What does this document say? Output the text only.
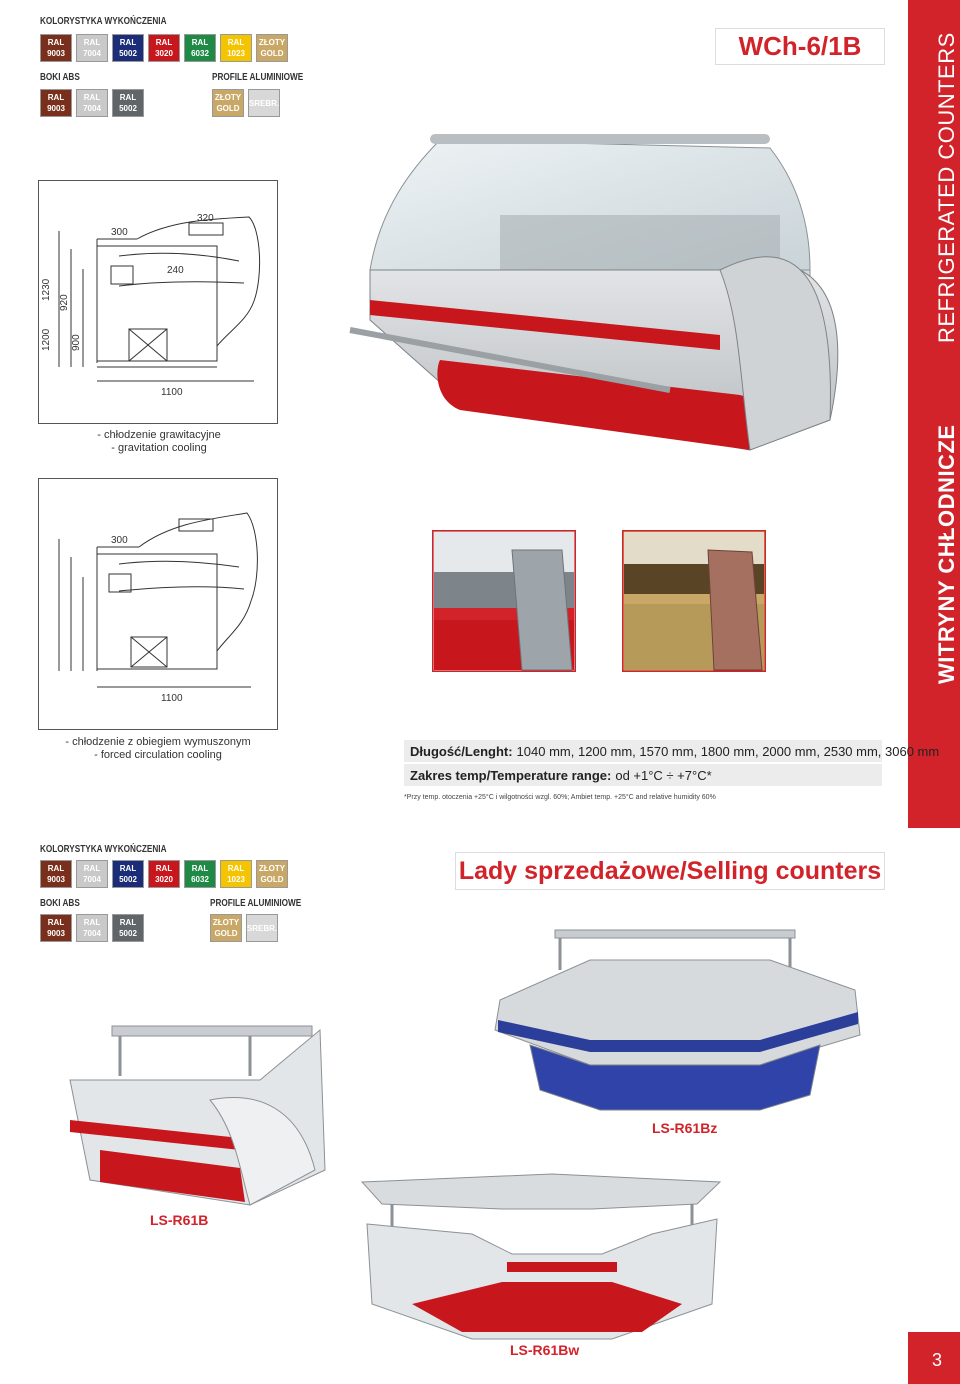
KOLORYSTYKA WYKOŃCZENIA
RAL
9003
RAL
7004
RAL
5002
RAL
3020
RAL
6032
RAL
1023
ZŁOTY
GOLD
BOKI ABS	PROFILE ALUMINIOWE
RAL
9003
RAL
7004
RAL
5002
ZŁOTY
GOLD
SREBR.
WCh-6/1B
WITRYNY CHŁODNICZE
REFRIGERATED COUNTERS
300
320
240
1230
920
1200 900
1100
- chłodzenie grawitacyjne
- gravitation cooling
300
1100
- chłodzenie z obiegiem wymuszonym
- forced circulation cooling	Długość/Lenght: 1040 mm, 1200 mm, 1570 mm, 1800 mm, 2000 mm, 2530 mm, 3060 mm
Zakres temp/Temperature range: od +1°C ÷ +7°C*
*Przy temp. otoczenia +25°C i wilgotności wzgl. 60%; Ambiet temp. +25°C and relative humidity 60%
KOLORYSTYKA WYKOŃCZENIA
RAL
9003
RAL
7004
RAL
5002
RAL
3020
RAL
6032
RAL
1023
ZŁOTY
GOLD
BOKI ABS	PROFILE ALUMINIOWE
RAL
9003
RAL
7004
RAL
5002
ZŁOTY
GOLD
SREBR.
Lady sprzedażowe/Selling counters
LS-R61Bz
LS-R61B
LS-R61Bw	3
